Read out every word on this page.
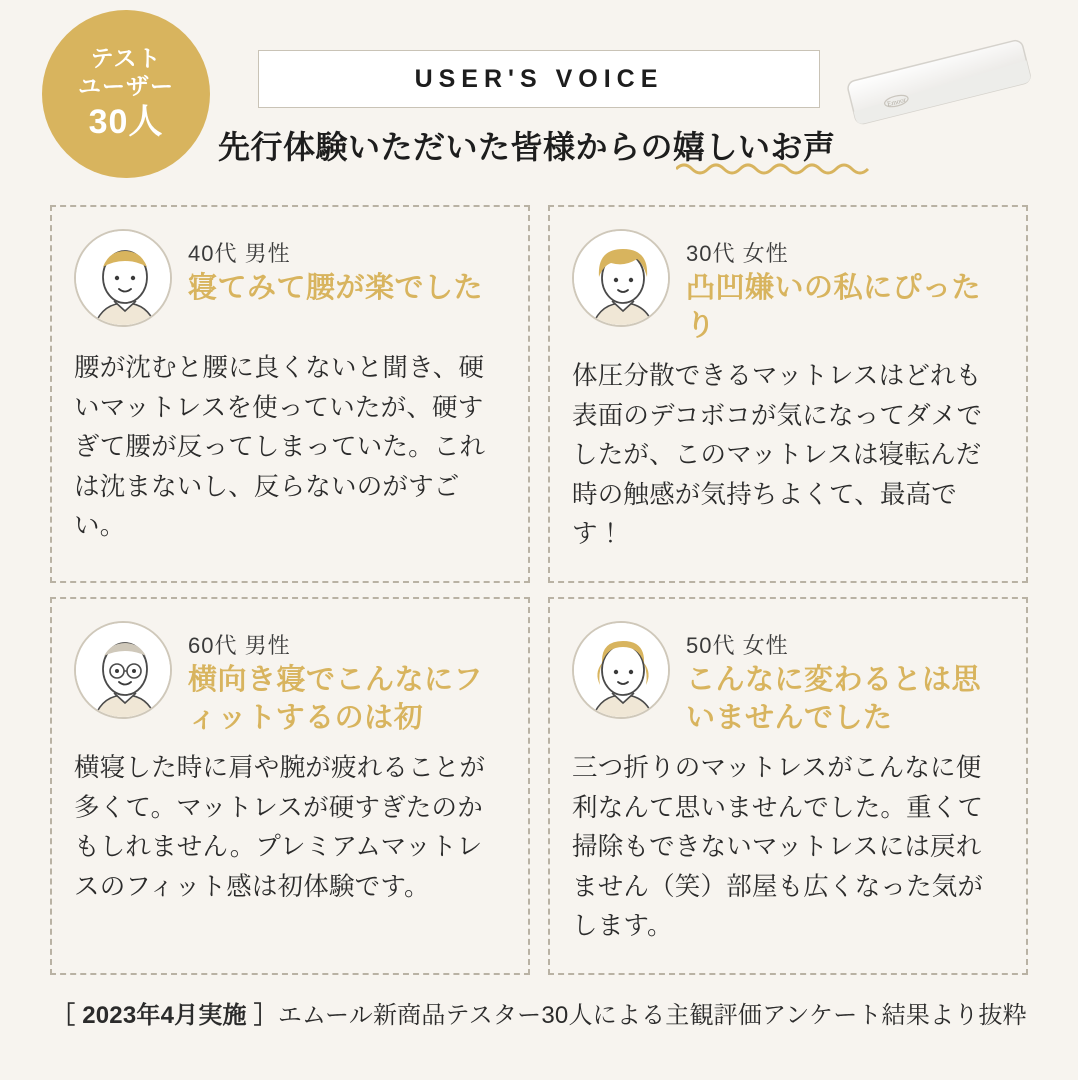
テスト
ユーザー
30人
USER'S VOICE
先行体験いただいた皆様からの嬉しいお声
Emoor
40代 男性
寝てみて腰が楽でした
腰が沈むと腰に良くないと聞き、硬いマットレスを使っていたが、硬すぎて腰が反ってしまっていた。これは沈まないし、反らないのがすごい。
30代 女性
凸凹嫌いの私にぴったり
体圧分散できるマットレスはどれも表面のデコボコが気になってダメでしたが、このマットレスは寝転んだ時の触感が気持ちよくて、最高です！
60代 男性
横向き寝でこんなにフィットするのは初
横寝した時に肩や腕が疲れることが多くて。マットレスが硬すぎたのかもしれません。プレミアムマットレスのフィット感は初体験です。
50代 女性
こんなに変わるとは思いませんでした
三つ折りのマットレスがこんなに便利なんて思いませんでした。重くて掃除もできないマットレスには戻れません（笑）部屋も広くなった気がします。
［ 2023年4月実施 ］エムール新商品テスター30人による主観評価アンケート結果より抜粋
